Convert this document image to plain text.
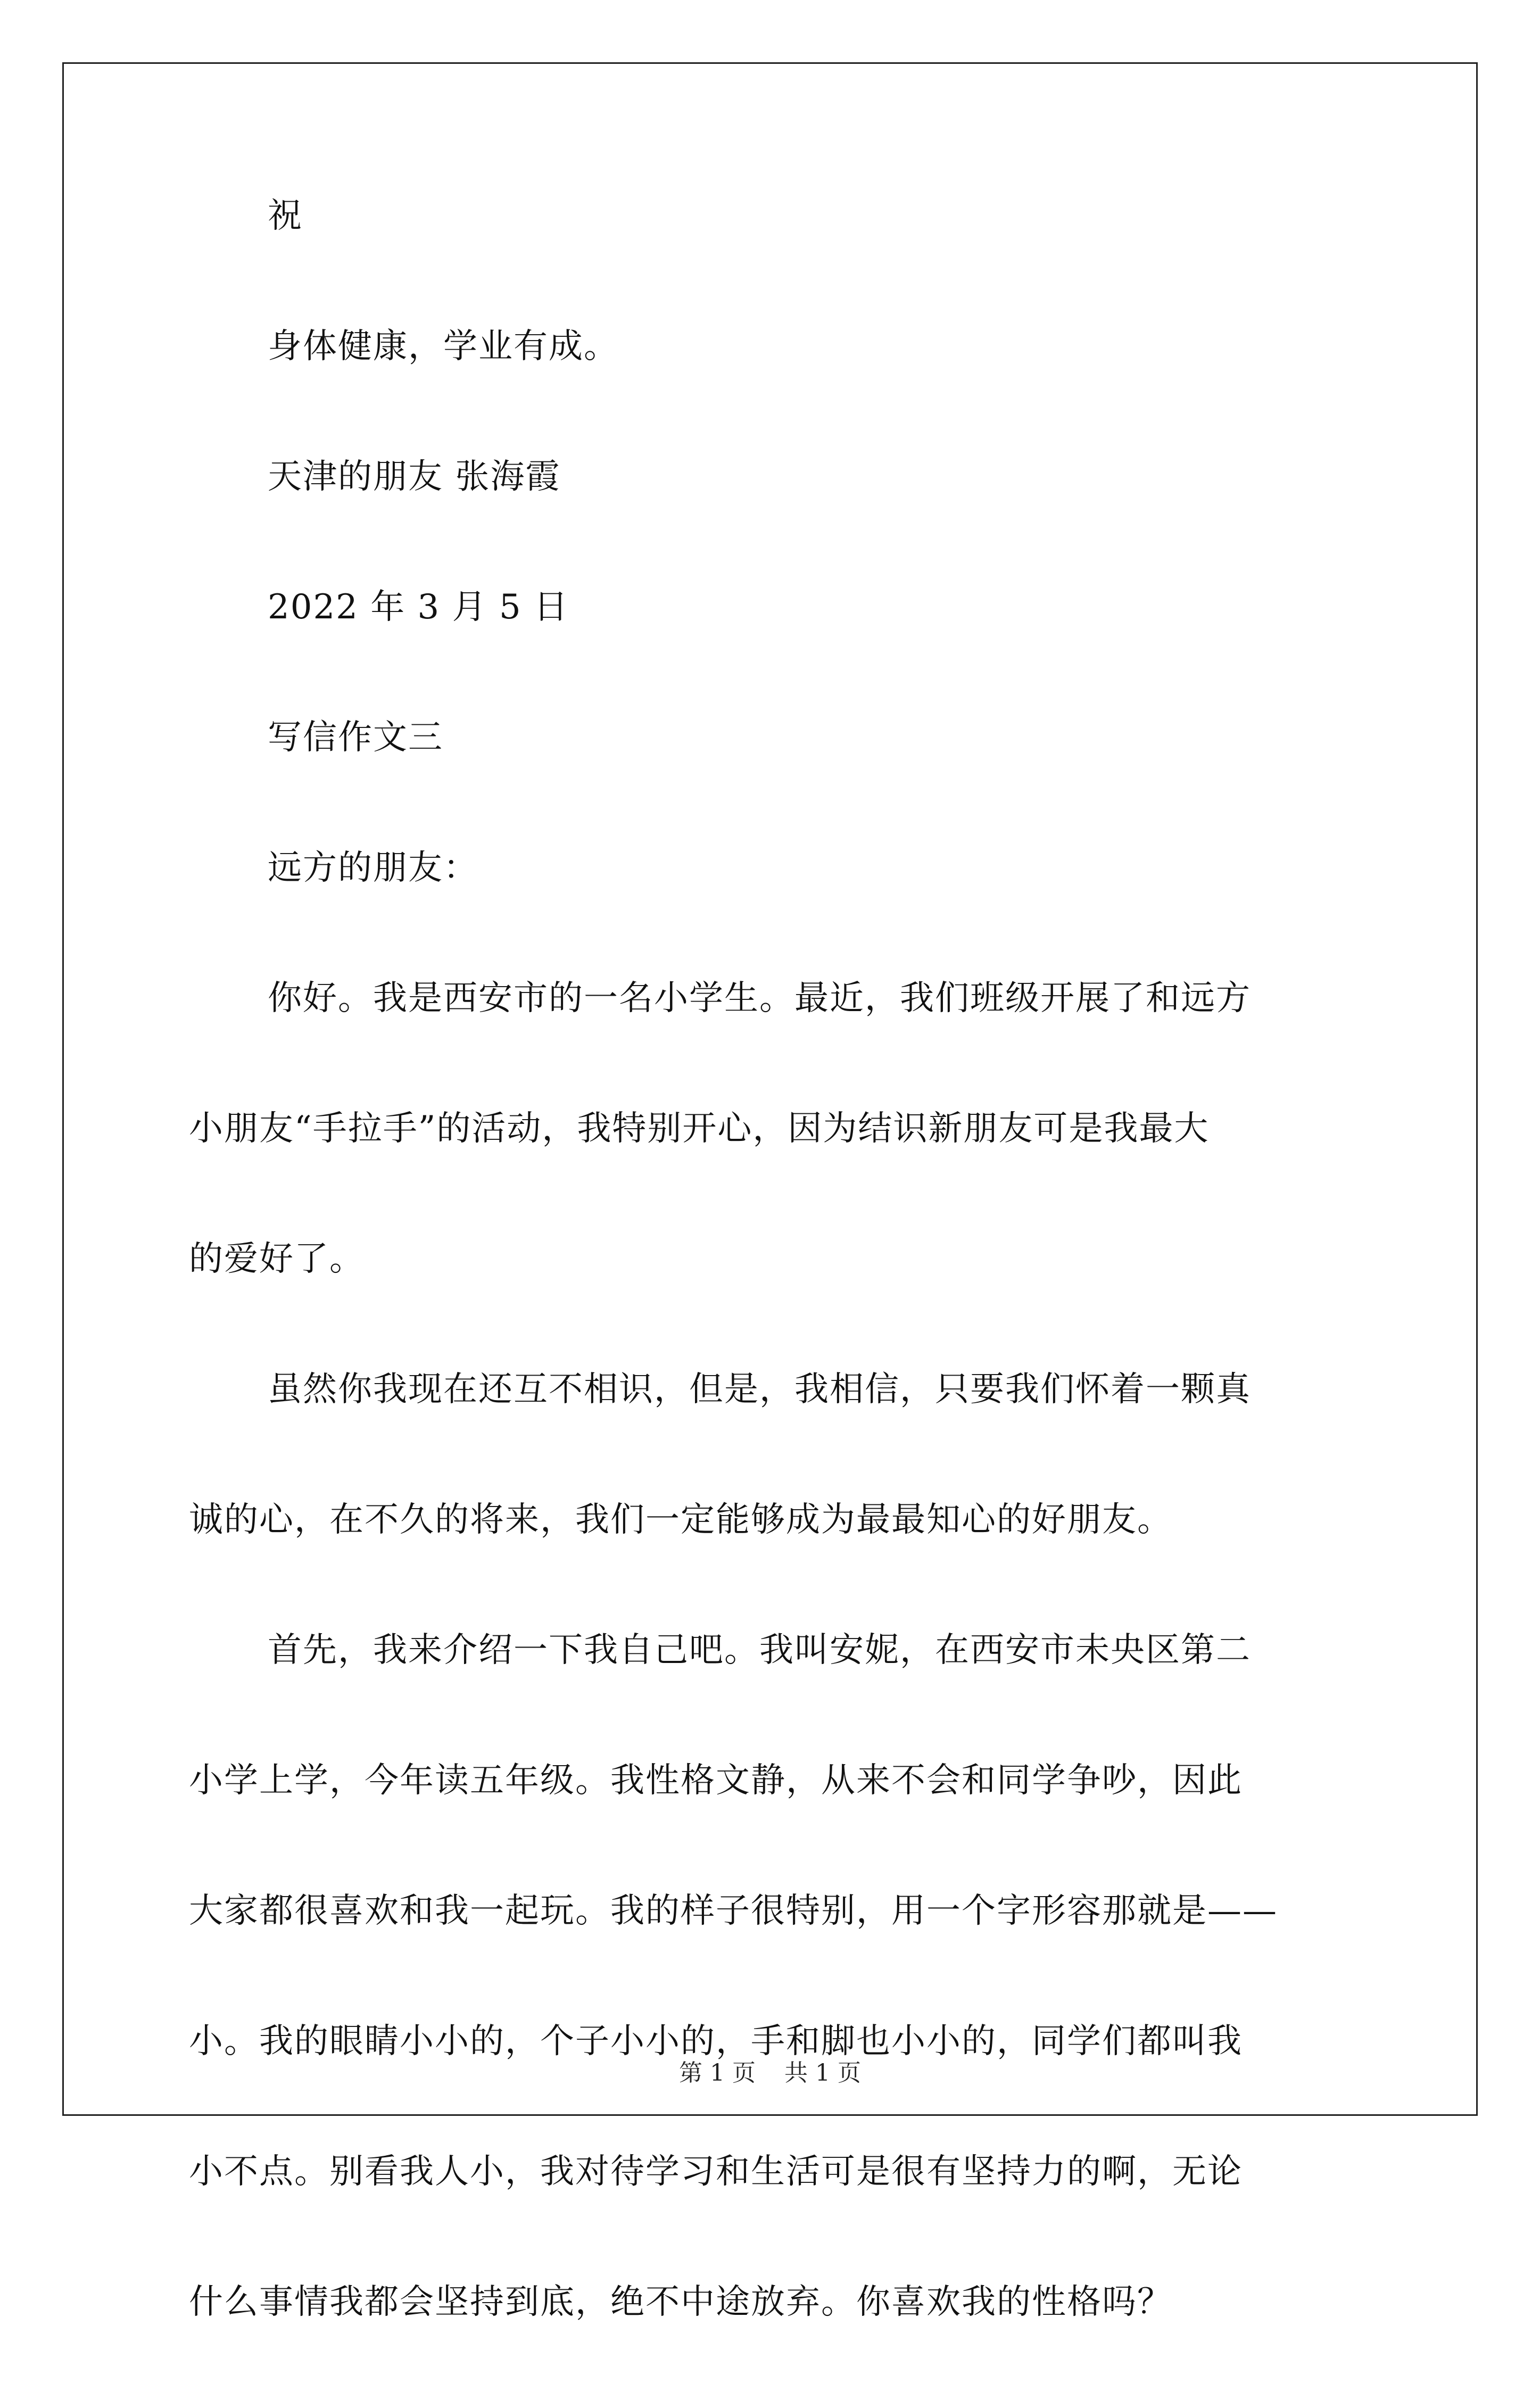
祝
身体健康，学业有成。
天津的朋友 张海霞
2022 年 3 月 5 日
写信作文三
远方的朋友：
你好。我是西安市的一名小学生。最近，我们班级开展了和远方
小朋友“手拉手”的活动，我特别开心，因为结识新朋友可是我最大
的爱好了。
虽然你我现在还互不相识，但是，我相信，只要我们怀着一颗真
诚的心，在不久的将来，我们一定能够成为最最知心的好朋友。
首先，我来介绍一下我自己吧。我叫安妮，在西安市未央区第二
小学上学，今年读五年级。我性格文静，从来不会和同学争吵，因此
大家都很喜欢和我一起玩。我的样子很特别，用一个字形容那就是——
小。我的眼睛小小的，个子小小的，手和脚也小小的，同学们都叫我
小不点。别看我人小，我对待学习和生活可是很有坚持力的啊，无论
什么事情我都会坚持到底，绝不中途放弃。你喜欢我的性格吗？
第 1 页 共 1 页
